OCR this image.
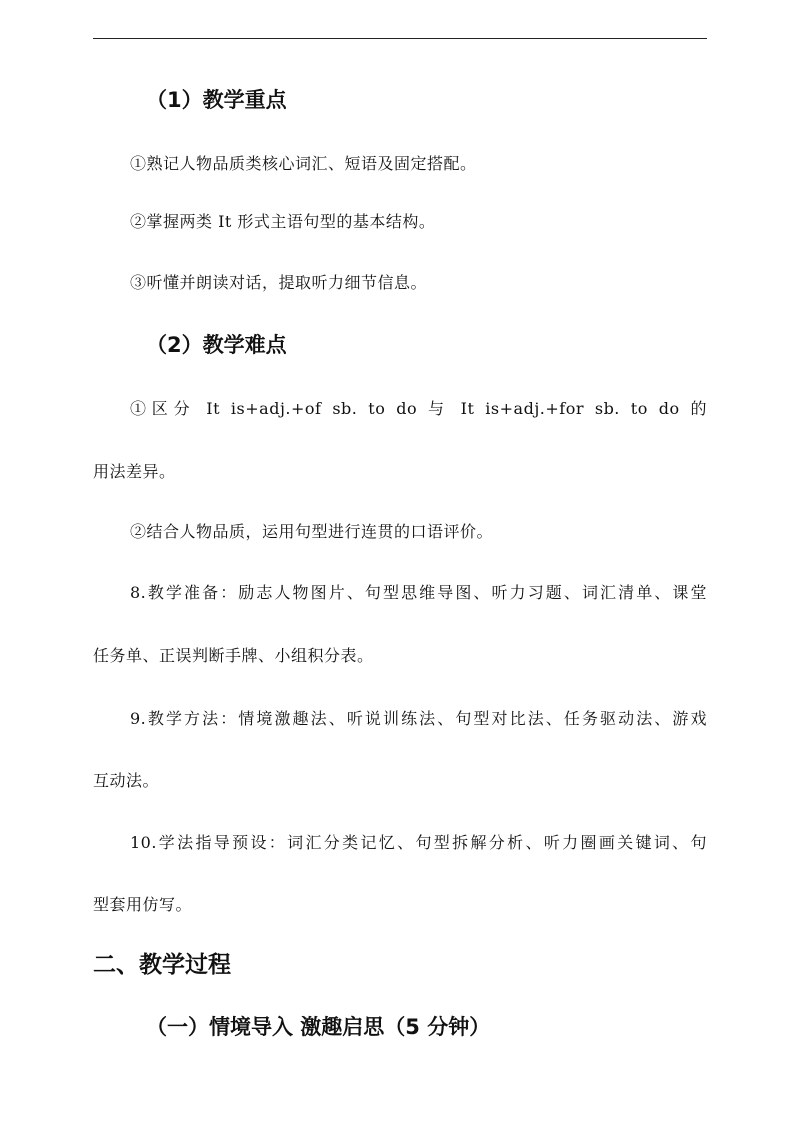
（1）教学重点
①熟记人物品质类核心词汇、短语及固定搭配。
②掌握两类 It 形式主语句型的基本结构。
③听懂并朗读对话，提取听力细节信息。
（2）教学难点
①区分 It is+adj.+of sb. to do 与 It is+adj.+for sb. to do 的
用法差异。
②结合人物品质，运用句型进行连贯的口语评价。
8.教学准备：励志人物图片、句型思维导图、听力习题、词汇清单、课堂
任务单、正误判断手牌、小组积分表。
9.教学方法：情境激趣法、听说训练法、句型对比法、任务驱动法、游戏
互动法。
10.学法指导预设：词汇分类记忆、句型拆解分析、听力圈画关键词、句
型套用仿写。
二、教学过程
（一）情境导入 激趣启思（5 分钟）
